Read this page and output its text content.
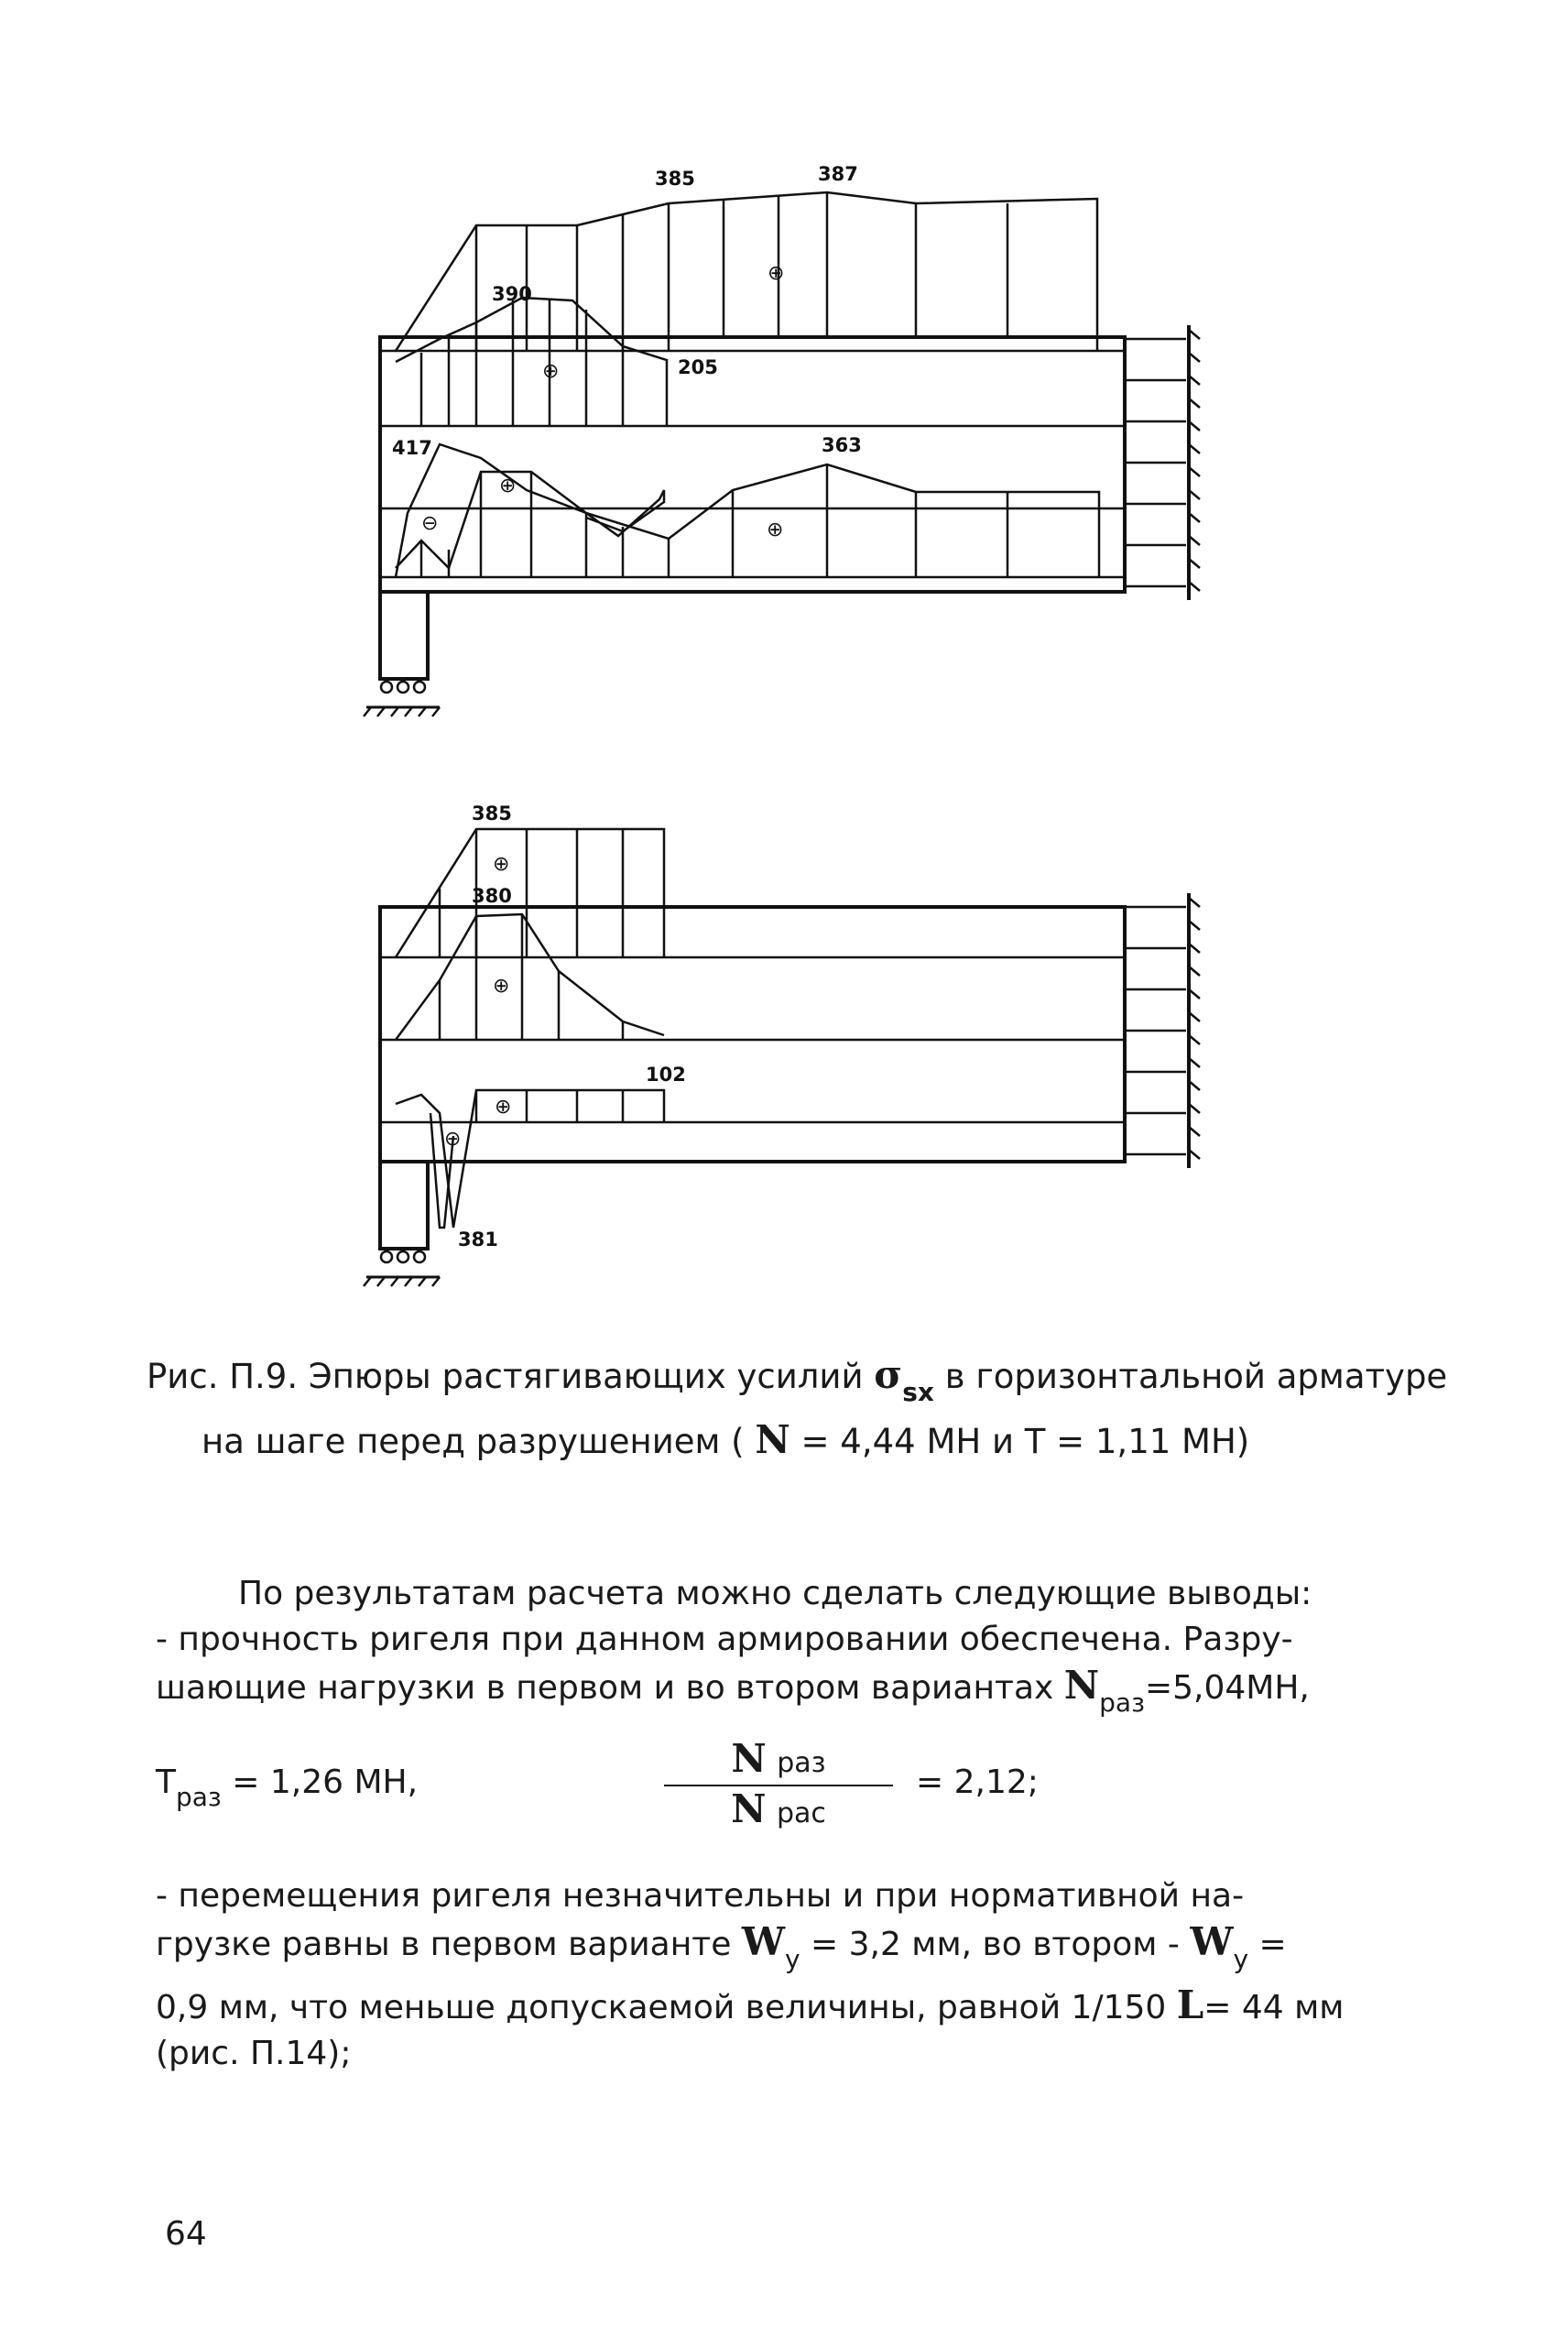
385	387
390
205
417	363
⊕
⊕
⊕
⊕
⊖
385
380
102
381
⊕
⊕
⊕
⊖
Рис. П.9. Эпюры растягивающих усилий $\sigma_{sx}$ в горизонтальной арматуре
на шаге перед разрушением ( N = 4,44 МН и Т = 1,11 МН)
По результатам расчета можно сделать следующие выводы:
- прочность ригеля при данном армировании обеспечена. Разру-
шающие нагрузки в первом и во втором вариантах $N_{раз}=5,04МН$,
$Т_{раз} = 1,26$ МН,
N раз
N рас
= 2,12;
- перемещения ригеля незначительны и при нормативной на-
грузке равны в первом варианте $W_y = 3,2$ мм, во втором - $W_y$ =
0,9 мм, что меньше допускаемой величины, равной 1/150 L= 44 мм
(рис. П.14);
64
